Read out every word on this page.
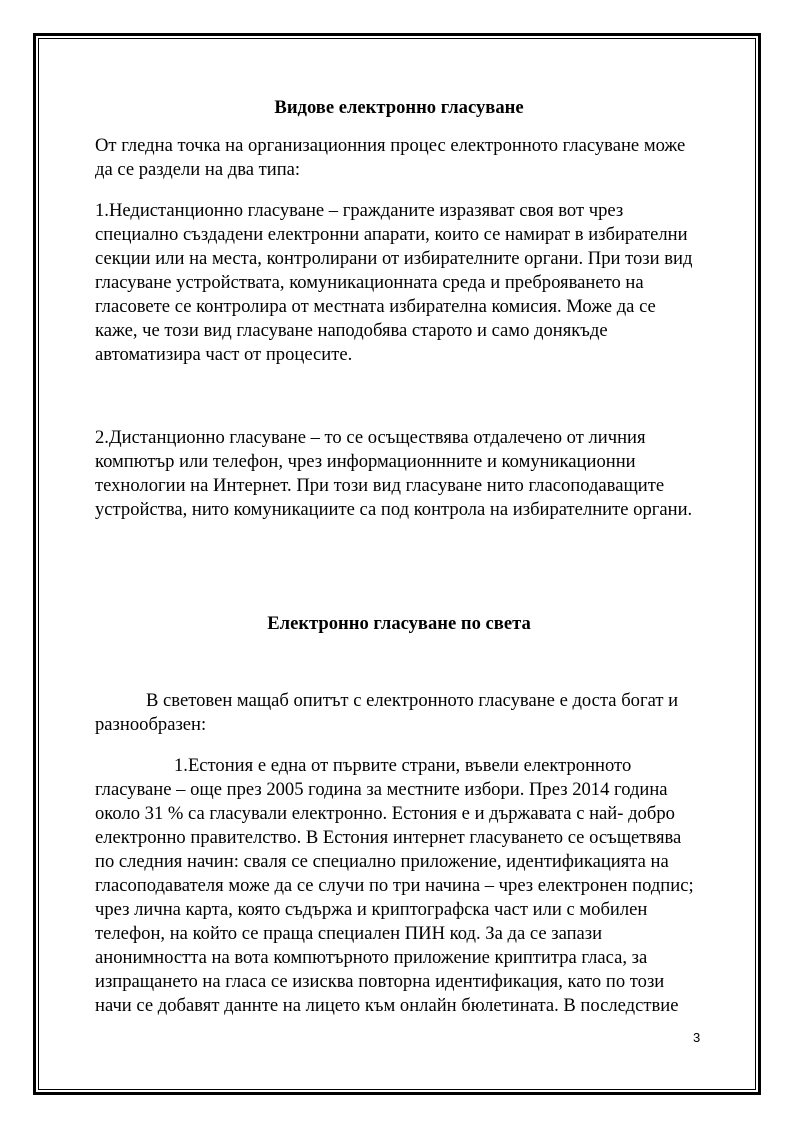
Видове електронно гласуване
От гледна точка на организационния процес електронното гласуване може
да се раздели на два типа:
1.Недистанционно гласуване – гражданите изразяват своя вот чрез
специално създадени електронни апарати, които се намират в избирателни
секции или на места, контролирани от избирателните органи. При този вид
гласуване устройствата, комуникационната среда и преброяването на
гласовете се контролира от местната избирателна комисия. Може да се
каже, че този вид гласуване наподобява старото и само донякъде
автоматизира част от процесите.
2.Дистанционно гласуване – то се осъществява отдалечено от личния
компютър или телефон, чрез информационнните и комуникационни
технологии на Интернет. При този вид гласуване нито гласоподаващите
устройства, нито комуникациите са под контрола на избирателните органи.
Електронно гласуване по света
В световен мащаб опитът с електронното гласуване е доста богат и
разнообразен:
1.Естония е една от първите страни, въвели електронното
гласуване – още през 2005 година за местните избори. През 2014 година
около 31 % са гласували електронно. Естония е и държавата с най- добро
електронно правителство. В Естония интернет гласуването се осъщетвява
по следния начин: сваля се специално приложение, идентификацията на
гласоподавателя може да се случи по три начина – чрез електронен подпис;
чрез лична карта, която съдържа и криптографска част или с мобилен
телефон, на който се праща специален ПИН код. За да се запази
анонимността на вота компютърното приложение криптитра гласа, за
изпращането на гласа се изисква повторна идентификация, като по този
начи се добавят даннте на лицето към онлайн бюлетината. В последствие
3
